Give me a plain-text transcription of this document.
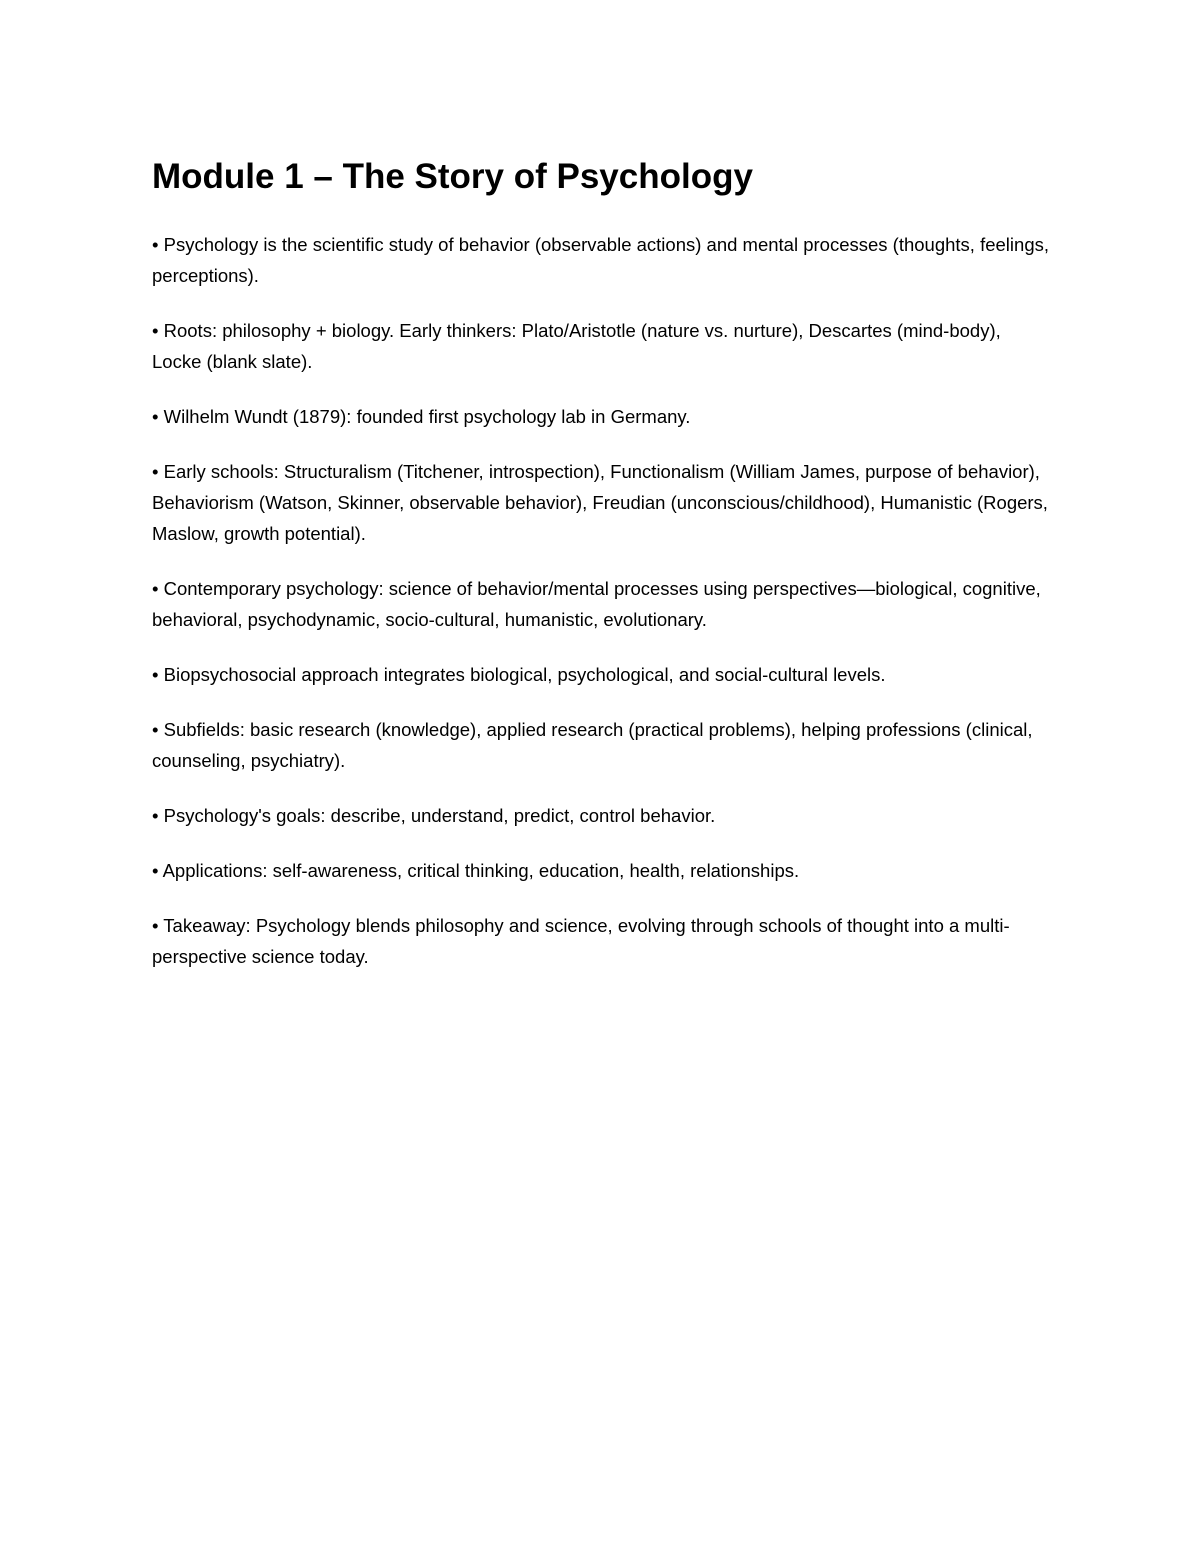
Module 1 – The Story of Psychology

• Psychology is the scientific study of behavior (observable actions) and mental processes (thoughts, feelings, perceptions).

• Roots: philosophy + biology. Early thinkers: Plato/Aristotle (nature vs. nurture), Descartes (mind-body), Locke (blank slate).

• Wilhelm Wundt (1879): founded first psychology lab in Germany.

• Early schools: Structuralism (Titchener, introspection), Functionalism (William James, purpose of behavior), Behaviorism (Watson, Skinner, observable behavior), Freudian (unconscious/childhood), Humanistic (Rogers, Maslow, growth potential).

• Contemporary psychology: science of behavior/mental processes using perspectives—biological, cognitive, behavioral, psychodynamic, socio-cultural, humanistic, evolutionary.

• Biopsychosocial approach integrates biological, psychological, and social-cultural levels.

• Subfields: basic research (knowledge), applied research (practical problems), helping professions (clinical, counseling, psychiatry).

• Psychology's goals: describe, understand, predict, control behavior.

• Applications: self-awareness, critical thinking, education, health, relationships.

• Takeaway: Psychology blends philosophy and science, evolving through schools of thought into a multi-perspective science today.
